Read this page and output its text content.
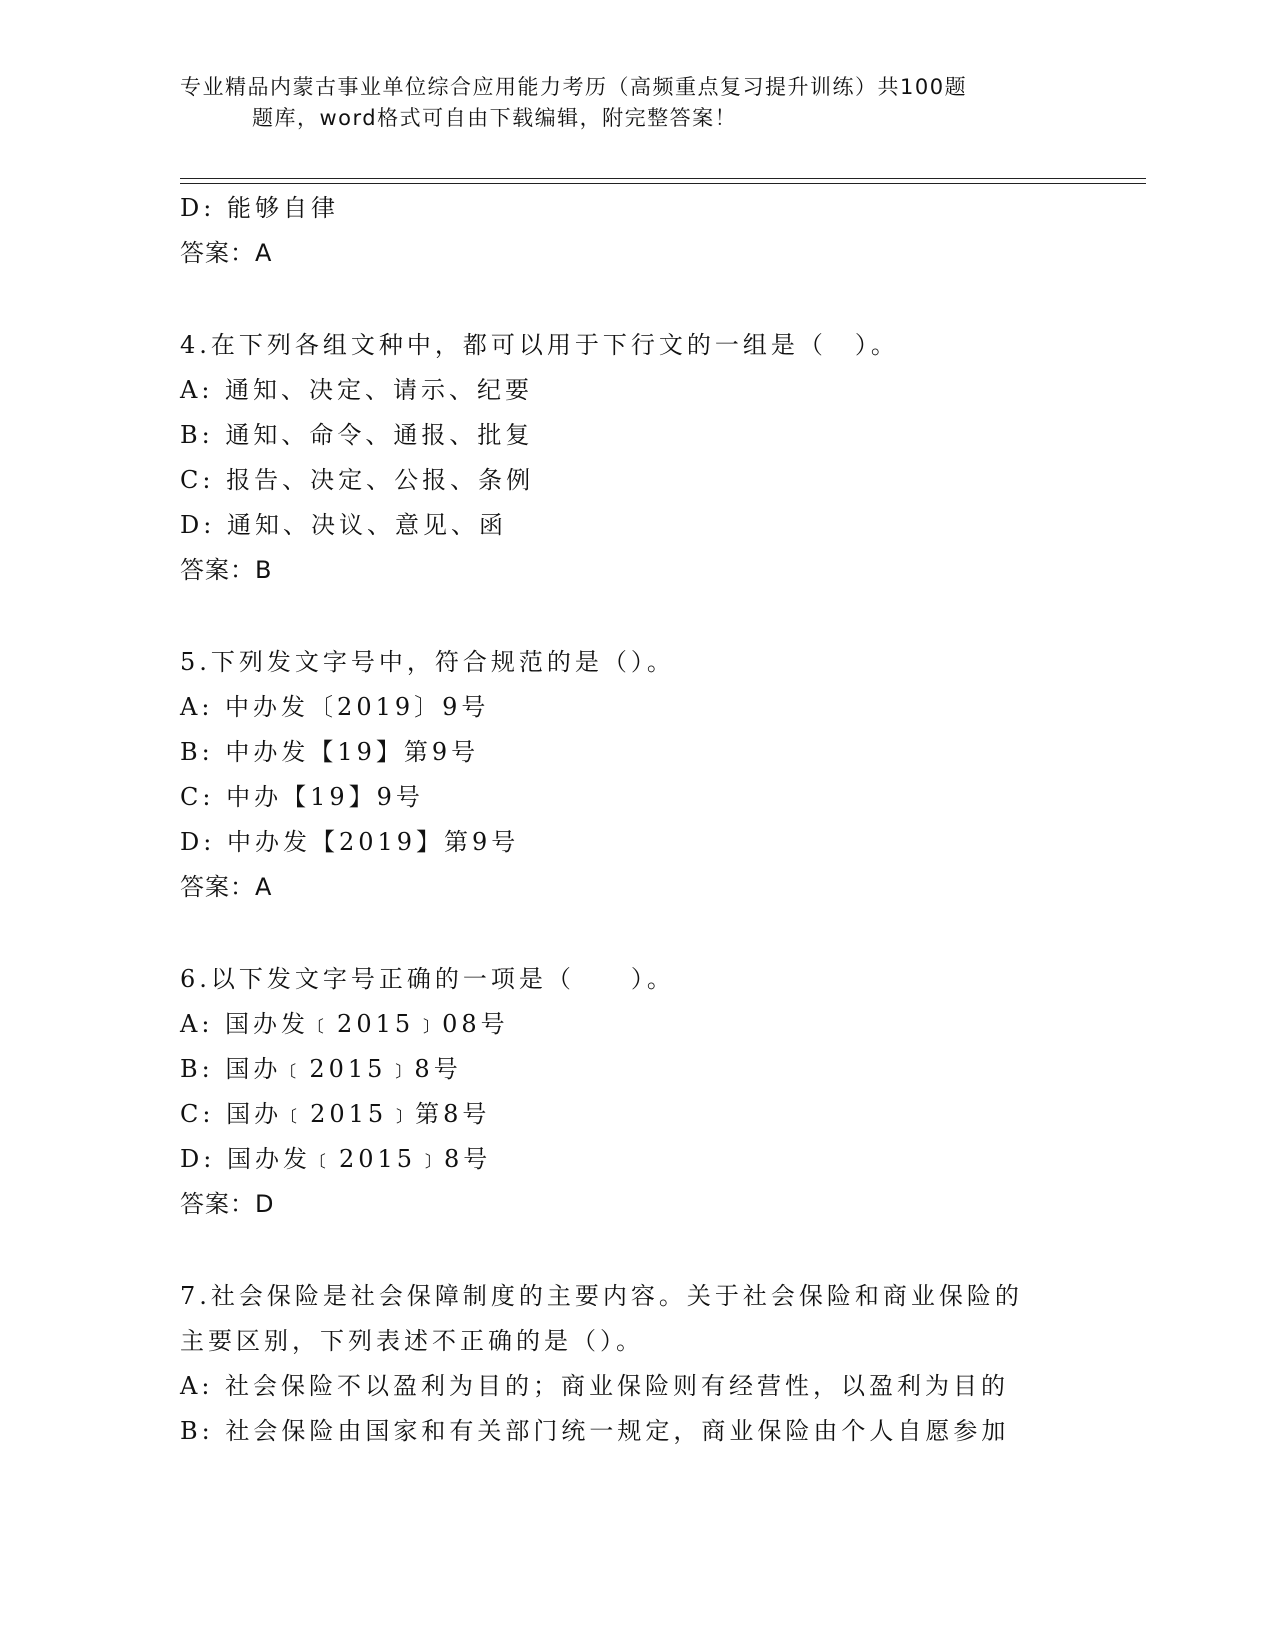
专业精品内蒙古事业单位综合应用能力考历（高频重点复习提升训练）共100题
题库，word格式可自由下载编辑，附完整答案！
D: 能够自律
答案：A
4.在下列各组文种中，都可以用于下行文的一组是（　）。
A: 通知、决定、请示、纪要
B: 通知、命令、通报、批复
C: 报告、决定、公报、条例
D: 通知、决议、意见、函
答案：B
5.下列发文字号中，符合规范的是（）。
A: 中办发〔2019〕9号
B: 中办发【19】第9号
C: 中办【19】9号
D: 中办发【2019】第9号
答案：A
6.以下发文字号正确的一项是（　　）。
A: 国办发﹝2015﹞08号
B: 国办﹝2015﹞8号
C: 国办﹝2015﹞第8号
D: 国办发﹝2015﹞8号
答案：D
7.社会保险是社会保障制度的主要内容。关于社会保险和商业保险的
主要区别，下列表述不正确的是（）。
A: 社会保险不以盈利为目的；商业保险则有经营性，以盈利为目的
B: 社会保险由国家和有关部门统一规定，商业保险由个人自愿参加
